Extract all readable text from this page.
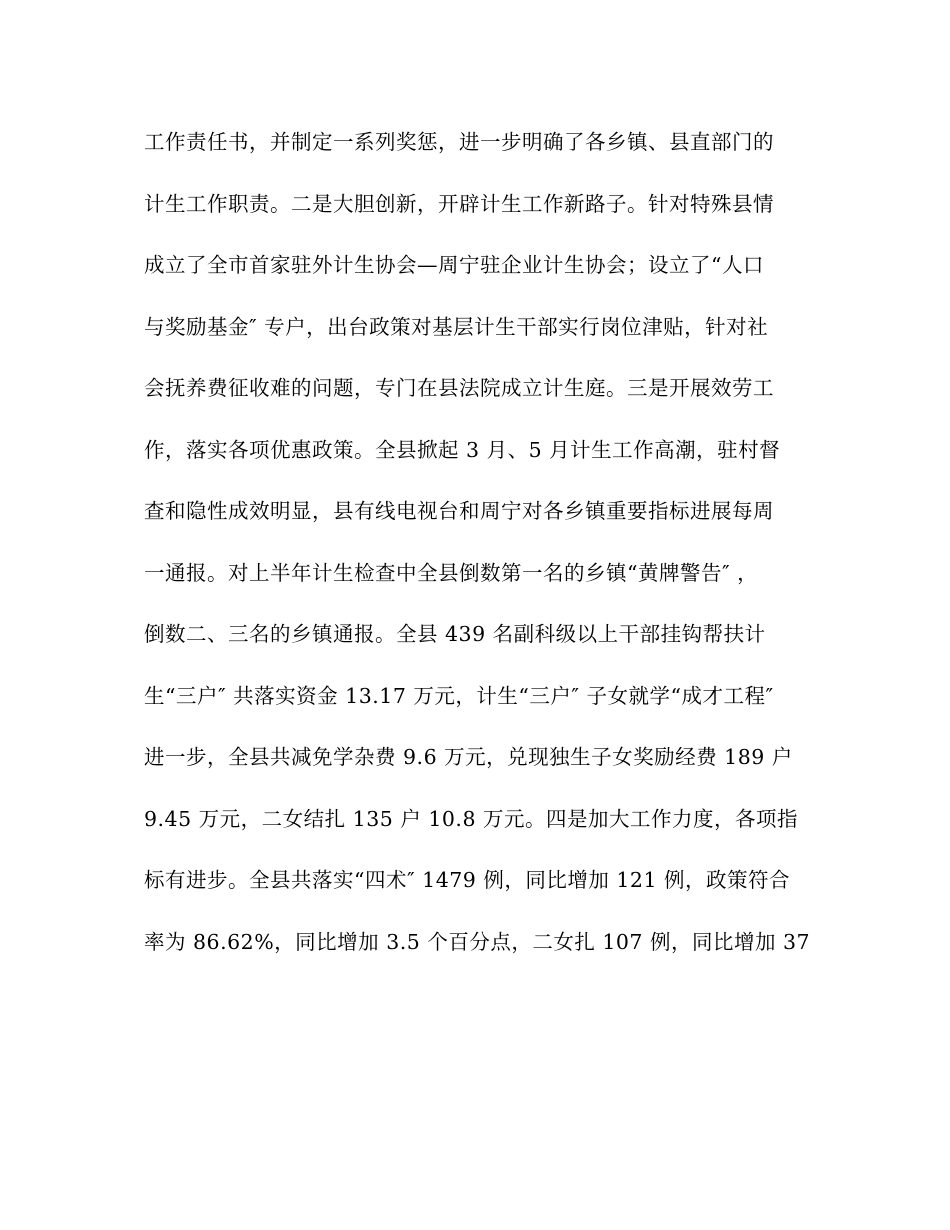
工作责任书，并制定一系列奖惩，进一步明确了各乡镇、县直部门的
计生工作职责。二是大胆创新，开辟计生工作新路子。针对特殊县情
成立了全市首家驻外计生协会—周宁驻企业计生协会；设立了“人口
与奖励基金″ 专户，出台政策对基层计生干部实行岗位津贴，针对社
会抚养费征收难的问题，专门在县法院成立计生庭。三是开展效劳工
作，落实各项优惠政策。全县掀起 3 月、5 月计生工作高潮，驻村督
查和隐性成效明显，县有线电视台和周宁对各乡镇重要指标进展每周
一通报。对上半年计生检查中全县倒数第一名的乡镇“黄牌警告″ ，
倒数二、三名的乡镇通报。全县 439 名副科级以上干部挂钩帮扶计
生“三户″ 共落实资金 13.17 万元，计生“三户″ 子女就学“成才工程″
进一步，全县共减免学杂费 9.6 万元，兑现独生子女奖励经费 189 户
9.45 万元，二女结扎 135 户 10.8 万元。四是加大工作力度，各项指
标有进步。全县共落实“四术″ 1479 例，同比增加 121 例，政策符合
率为 86.62%，同比增加 3.5 个百分点，二女扎 107 例，同比增加 37
